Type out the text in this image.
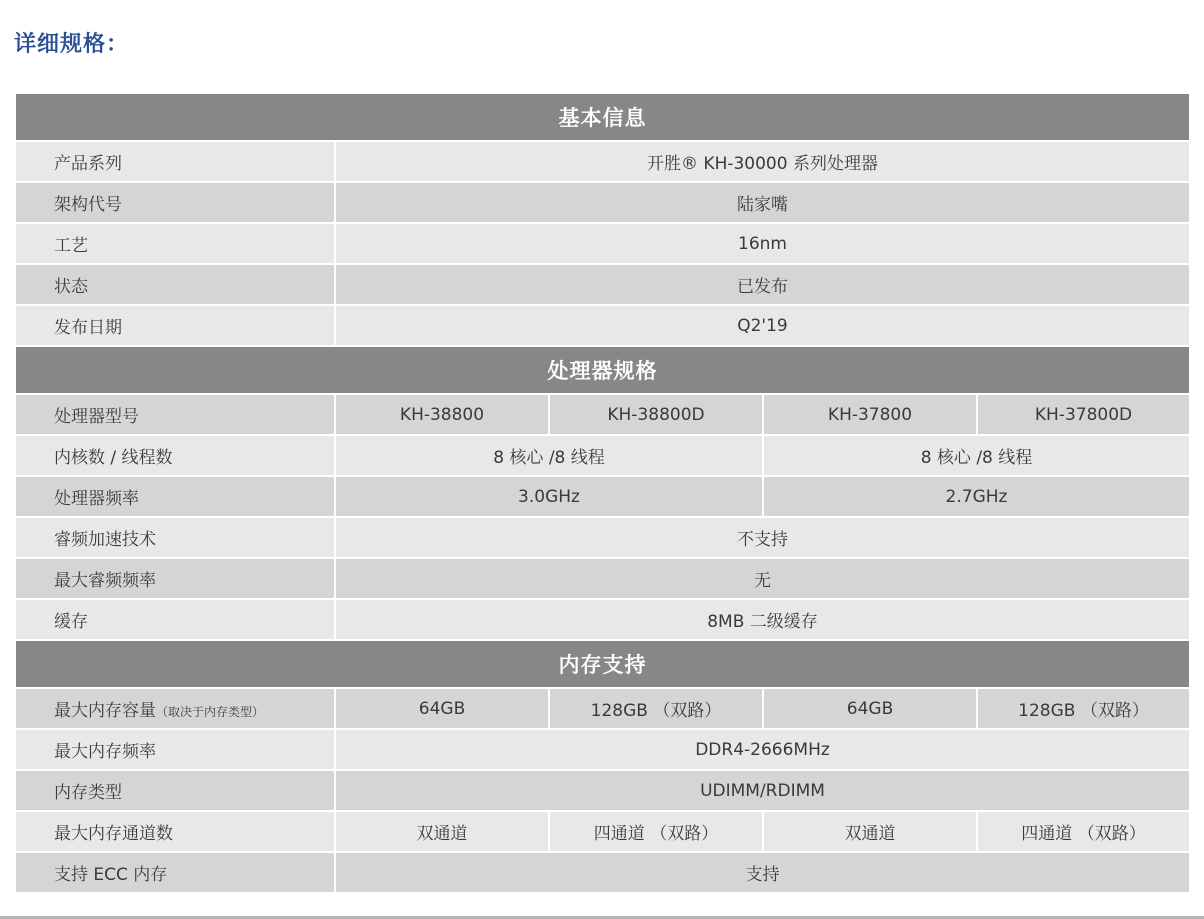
详细规格：
基本信息				
产品系列	开胜® KH-30000 系列处理器			
架构代号	陆家嘴			
工艺	16nm			
状态	已发布			
发布日期	Q2'19			
处理器规格				
处理器型号	KH-38800	KH-38800D	KH-37800	KH-37800D
内核数 / 线程数	8 核心 /8 线程		8 核心 /8 线程	
处理器频率	3.0GHz		2.7GHz	
睿频加速技术	不支持			
最大睿频频率	无			
缓存	8MB 二级缓存			
内存支持				
最大内存容量（取决于内存类型）	64GB	128GB （双路）	64GB	128GB （双路）
最大内存频率	DDR4-2666MHz			
内存类型	UDIMM/RDIMM			
最大内存通道数	双通道	四通道 （双路）	双通道	四通道 （双路）
支持 ECC 内存	支持			
